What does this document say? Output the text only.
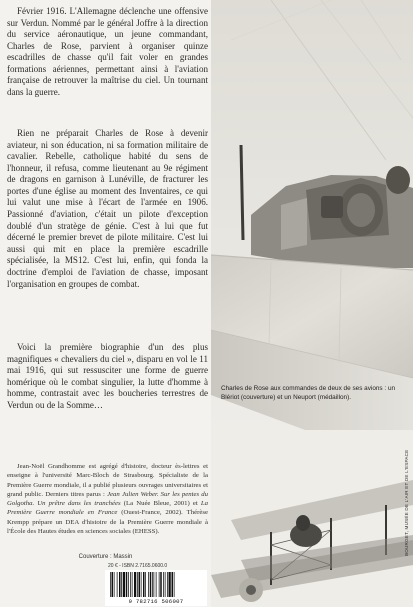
Février 1916. L'Allemagne déclenche une offensive sur Verdun. Nommé par le général Joffre à la direction du service aéronautique, un jeune commandant, Charles de Rose, parvient à organiser quinze escadrilles de chasse qu'il fait voler en grandes formations aériennes, permettant ainsi à l'aviation française de retrouver la maîtrise du ciel. Un tournant dans la guerre.

Rien ne préparait Charles de Rose à devenir aviateur, ni son éducation, ni sa formation militaire de cavalier. Rebelle, catholique habité du sens de l'honneur, il refusa, comme lieutenant au 9e régiment de dragons en garnison à Lunéville, de fracturer les portes d'une église au moment des Inventaires, ce qui lui valut une mise à l'écart de l'armée en 1906. Passionné d'aviation, c'était un pilote d'exception doublé d'un stratège de génie. C'est à lui que fut décerné le premier brevet de pilote militaire. C'est lui aussi qui mit en place la première escadrille spécialisée, la MS12. C'est lui, enfin, qui fonda la doctrine d'emploi de l'aviation de chasse, imposant l'organisation en groupes de combat.

Voici la première biographie d'un des plus magnifiques « chevaliers du ciel », disparu en vol le 11 mai 1916, qui sut ressusciter une forme de guerre homérique où le combat singulier, la lutte d'homme à homme, contrastait avec les boucheries terrestres de Verdun ou de la Somme…

Jean-Noël Grandhomme est agrégé d'histoire, docteur ès-lettres et enseigne à l'université Marc-Bloch de Strasbourg. Spécialiste de la Première Guerre mondiale, il a publié plusieurs ouvrages universitaires et grand public. Derniers titres parus : Jean Julien Weber. Sur les pentes du Golgotha. Un prêtre dans les tranchées (La Nuée Bleue, 2001) et La Première Guerre mondiale en France (Ouest-France, 2002). Thérèse Krempp prépare un DEA d'histoire de la Première Guerre mondiale à l'École des Hautes études en sciences sociales (EHESS).

Couverture : Massin
20 € - ISBN 2.7165.0600.0
9 782716 506007
Charles de Rose aux commandes de deux de ses avions : un Blériot (couverture) et un Neuport (médaillon).
BOURGET, MUSÉE DE L'AIR ET DE L'ESPACE
